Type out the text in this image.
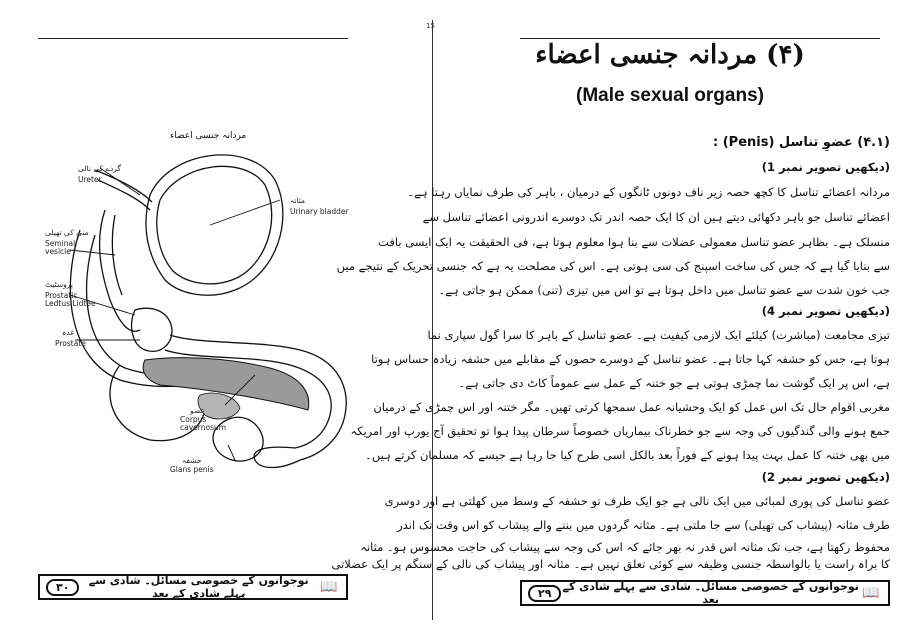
15
مردانہ جنسی اعضاء
گردے کی نالی
Ureter
مثانہ
Urinary bladder
منی کی تھیلی
Seminal
vesicle
پروسٹیٹ
Prostatic
Ledtus Lidtee
غدہ
Prostate
عضو
Corpus
cavernosum
حشفہ
Glans penis
📖
نوجوانوں کے خصوصی مسائل۔ شادی سے پہلے شادی کے بعد
٣٠
(۴) مردانہ جنسی اعضاء
(Male sexual organs)
(۴.۱) عضوِ تناسل (Penis) :
(دیکھیں تصویر نمبر 1)
مردانہ اعضائے تناسل کا کچھ حصہ زیر ناف دونوں ٹانگوں کے درمیان ، باہر کی طرف نمایاں رہتا ہے۔
اعضائے تناسل جو باہر دکھائی دیتے ہیں ان کا ایک حصہ اندر تک دوسرے اندرونی اعضائے تناسل سے
منسلک ہے۔ بظاہر عضو تناسل معمولی عضلات سے بنا ہوا معلوم ہوتا ہے، فی الحقیقت یہ ایک ایسی بافت
سے بنایا گیا ہے کہ جس کی ساخت اسپنج کی سی ہوتی ہے۔ اس کی مصلحت یہ ہے کہ جنسی تحریک کے نتیجے میں
جب خون شدت سے عضو تناسل میں داخل ہوتا ہے تو اس میں تیزی (تنی) ممکن ہو جاتی ہے۔
(دیکھیں تصویر نمبر 4)
تیزی مجامعت (مباشرت) کیلئے ایک لازمی کیفیت ہے۔ عضو تناسل کے باہر کا سرا گول سپاری نما
ہوتا ہے، جس کو حشفہ کہا جاتا ہے۔ عضو تناسل کے دوسرے حصوں کے مقابلے میں حشفہ زیادہ حساس ہوتا
ہے، اس پر ایک گوشت نما چمڑی ہوتی ہے جو ختنہ کے عمل سے عموماً کاٹ دی جاتی ہے۔
مغربی اقوام حال تک اس عمل کو ایک وحشیانہ عمل سمجھا کرتی تھیں۔ مگر ختنہ اور اس چمڑی کے درمیان
جمع ہونے والی گندگیوں کی وجہ سے جو خطرناک بیماریاں خصوصاً سرطان پیدا ہوا تو تحقیق آج یورپ اور امریکہ
میں بھی ختنہ کا عمل بہت پیدا ہونے کے فوراً بعد بالکل اسی طرح کیا جا رہا ہے جیسے کہ مسلمان کرتے ہیں۔
(دیکھیں تصویر نمبر 2)
عضو تناسل کی پوری لمبائی میں ایک نالی ہے جو ایک طرف تو حشفہ کے وسط میں کھلتی ہے اور دوسری
طرف مثانہ (پیشاب کی تھیلی) سے جا ملتی ہے۔ مثانہ گردوں میں بننے والے پیشاب کو اس وقت تک اندر
محفوظ رکھتا ہے، جب تک مثانہ اس قدر نہ بھر جائے کہ اس کی وجہ سے پیشاب کی حاجت محسوس ہو۔ مثانہ
کا براہ راست یا بالواسطہ جنسی وظیفہ سے کوئی تعلق نہیں ہے۔ مثانہ اور پیشاب کی نالی کے سنگم پر ایک عضلاتی
📖
نوجوانوں کے خصوصی مسائل۔ شادی سے پہلے شادی کے بعد
٢٩
